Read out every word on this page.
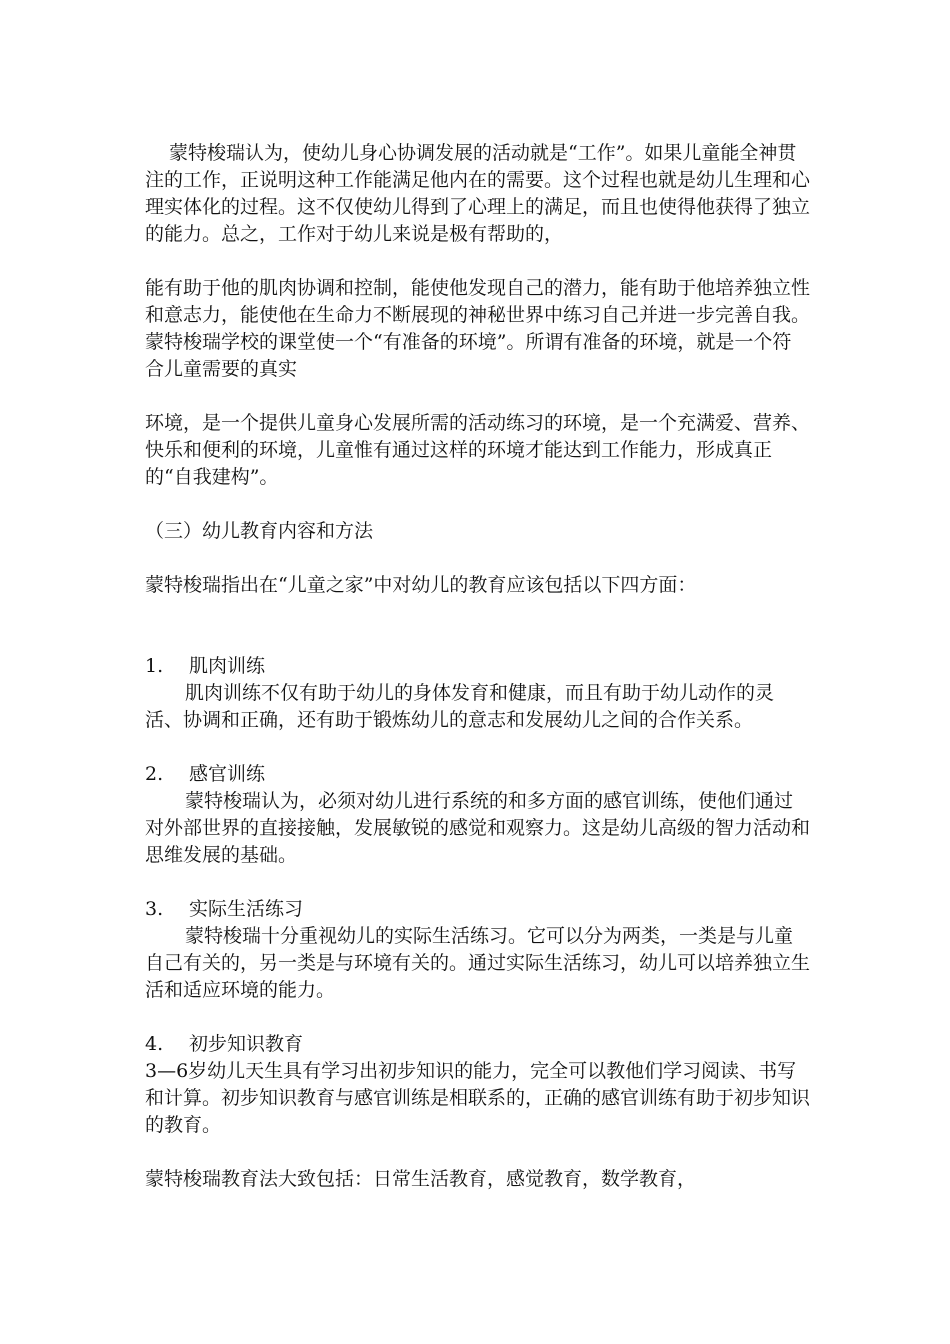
蒙特梭瑞认为，使幼儿身心协调发展的活动就是“工作”。如果儿童能全神贯注的工作，正说明这种工作能满足他内在的需要。这个过程也就是幼儿生理和心理实体化的过程。这不仅使幼儿得到了心理上的满足，而且也使得他获得了独立的能力。总之，工作对于幼儿来说是极有帮助的，

能有助于他的肌肉协调和控制，能使他发现自己的潜力，能有助于他培养独立性和意志力，能使他在生命力不断展现的神秘世界中练习自己并进一步完善自我。

蒙特梭瑞学校的课堂使一个“有准备的环境”。所谓有准备的环境，就是一个符合儿童需要的真实

环境，是一个提供儿童身心发展所需的活动练习的环境，是一个充满爱、营养、快乐和便利的环境，儿童惟有通过这样的环境才能达到工作能力，形成真正的“自我建构”。

（三）幼儿教育内容和方法

蒙特梭瑞指出在“儿童之家”中对幼儿的教育应该包括以下四方面：

1. 肌肉训练

肌肉训练不仅有助于幼儿的身体发育和健康，而且有助于幼儿动作的灵活、协调和正确，还有助于锻炼幼儿的意志和发展幼儿之间的合作关系。

2. 感官训练

蒙特梭瑞认为，必须对幼儿进行系统的和多方面的感官训练，使他们通过对外部世界的直接接触，发展敏锐的感觉和观察力。这是幼儿高级的智力活动和思维发展的基础。

3. 实际生活练习

蒙特梭瑞十分重视幼儿的实际生活练习。它可以分为两类，一类是与儿童自己有关的，另一类是与环境有关的。通过实际生活练习，幼儿可以培养独立生活和适应环境的能力。

4. 初步知识教育

3—6岁幼儿天生具有学习出初步知识的能力，完全可以教他们学习阅读、书写和计算。初步知识教育与感官训练是相联系的，正确的感官训练有助于初步知识的教育。

蒙特梭瑞教育法大致包括：日常生活教育，感觉教育，数学教育，
